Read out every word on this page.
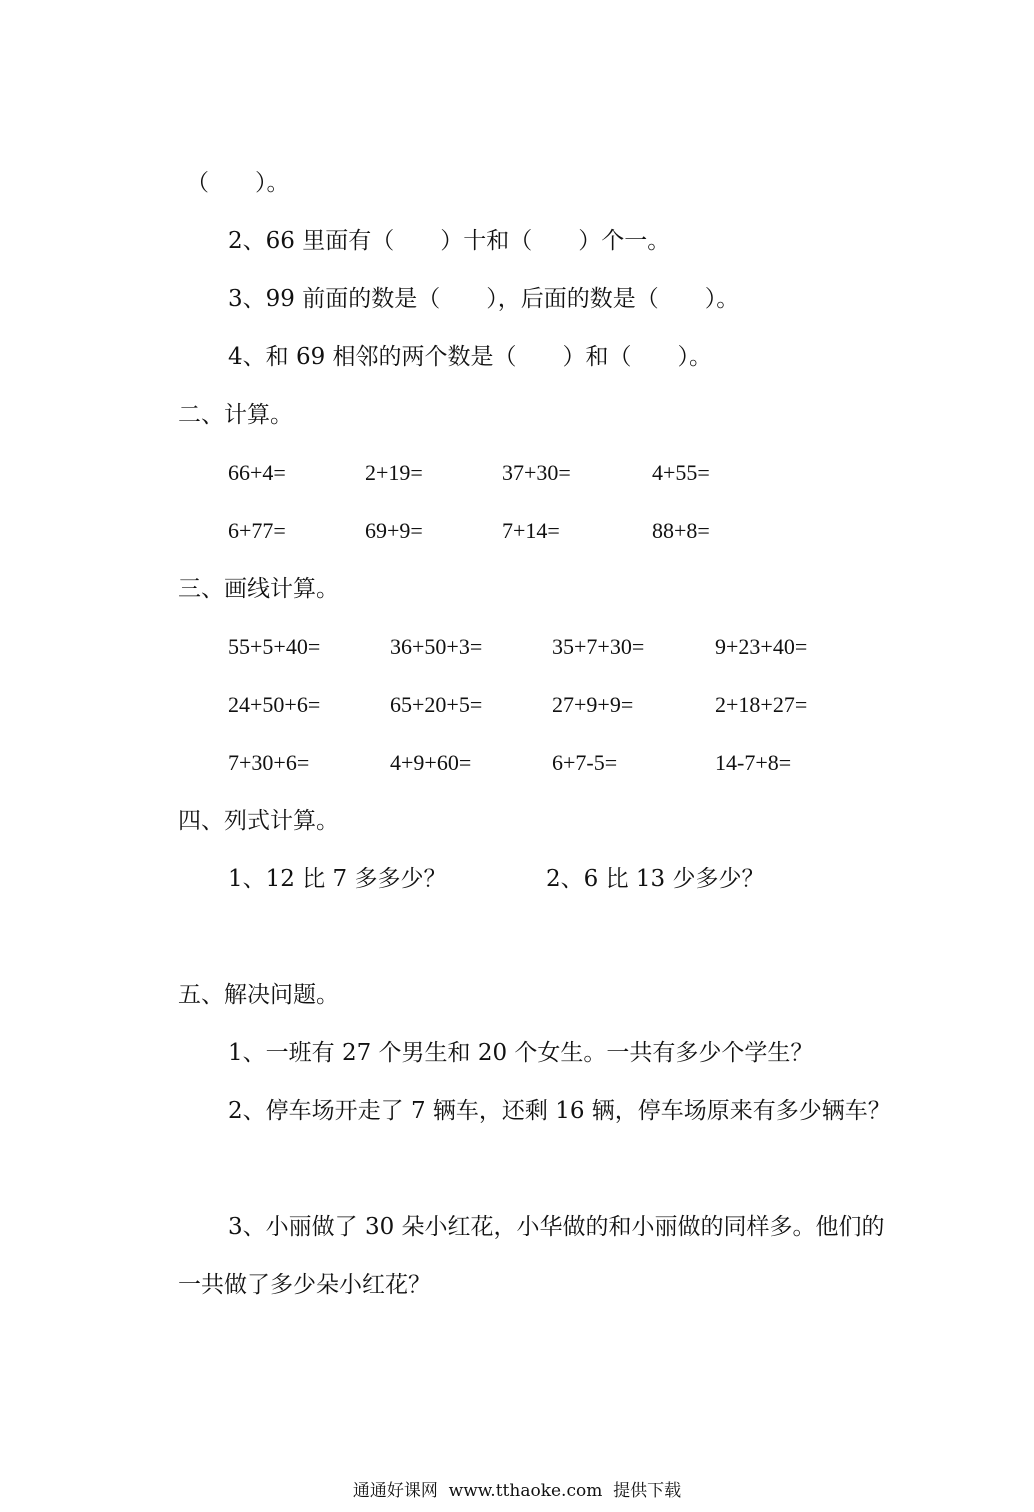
（　　）。
2、66 里面有（　　）十和（　　）个一。
3、99 前面的数是（　　），后面的数是（　　）。
4、和 69 相邻的两个数是（　　）和（　　）。
二、计算。
66+4=	2+19=	37+30=	4+55=
6+77=	69+9=	7+14=	88+8=
三、画线计算。
55+5+40=	36+50+3=	35+7+30=	9+23+40=
24+50+6=	65+20+5=	27+9+9=	2+18+27=
7+30+6=	4+9+60=	6+7-5=	14-7+8=
四、列式计算。
1、12 比 7 多多少？	2、6 比 13 少多少？
五、解决问题。
1、一班有 27 个男生和 20 个女生。一共有多少个学生？
2、停车场开走了 7 辆车，还剩 16 辆，停车场原来有多少辆车？
3、小丽做了 30 朵小红花，小华做的和小丽做的同样多。他们的
一共做了多少朵小红花？
通通好课网  www.tthaoke.com  提供下载
